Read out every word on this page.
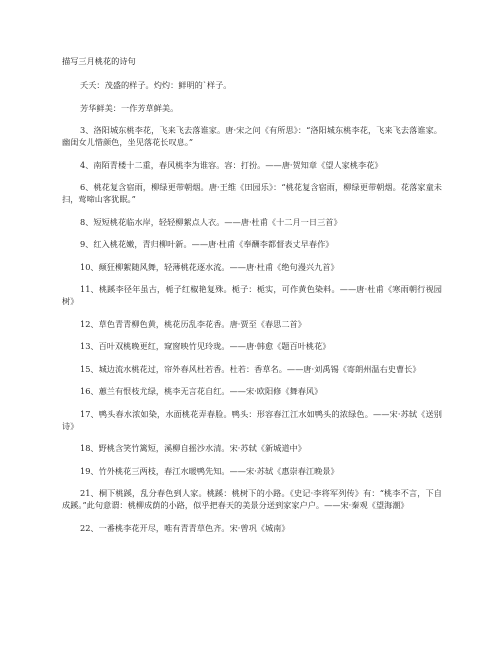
描写三月桃花的诗句

夭夭：茂盛的样子。灼灼：鲜明的`样子。

芳华鲜美：一作芳草鲜美。

3、洛阳城东桃李花，飞来飞去落谁家。唐·宋之问《有所思》：“洛阳城东桃李花，飞来飞去落谁家。幽闺女儿惜颜色，坐见落花长叹息。”

4、南陌青楼十二重，春风桃李为谁容。容：打扮。——唐·贺知章《望人家桃李花》

6、桃花复含宿雨，柳绿更带朝烟。唐·王维《田园乐》：“桃花复含宿雨，柳绿更带朝烟。花落家童未扫，莺啼山客犹眠。”

8、短短桃花临水岸，轻轻柳絮点人衣。——唐·杜甫《十二月一日三首》

9、红入桃花嫩，青归柳叶新。——唐·杜甫《奉酬李都督表丈早春作》

10、颠狂柳絮随风舞，轻薄桃花逐水流。——唐·杜甫《绝句漫兴九首》

11、桃蹊李径年虽古，栀子红椒艳复殊。栀子：栀实，可作黄色染料。——唐·杜甫《寒雨朝行视园树》

12、草色青青柳色黄，桃花历乱李花香。唐·贾至《春思二首》

13、百叶双桃晚更红，窥窗映竹见玲珑。——唐·韩愈《题百叶桃花》

15、城边流水桃花过，帘外春风杜若香。杜若：香草名。——唐·刘禹锡《寄朗州温右史曹长》

16、蕙兰有恨枝尤绿，桃李无言花自红。——宋·欧阳修《舞春风》

17、鸭头春水浓如染，水面桃花弄春脸。鸭头：形容春江江水如鸭头的浓绿色。——宋·苏轼《送别诗》

18、野桃含笑竹篱短，溪柳自摇沙水清。宋·苏轼《新城道中》

19、竹外桃花三两枝，春江水暖鸭先知。——宋·苏轼《惠崇春江晚景》

21、桐下桃蹊，乱分春色到人家。桃蹊：桃树下的小路。《史记·李将军列传》有：“桃李不言，下自成蹊。”此句意谓：桃柳成荫的小路，似乎把春天的美景分送到家家户户。——宋·秦观《望海潮》

22、一番桃李花开尽，唯有青青草色齐。宋·曾巩《城南》
